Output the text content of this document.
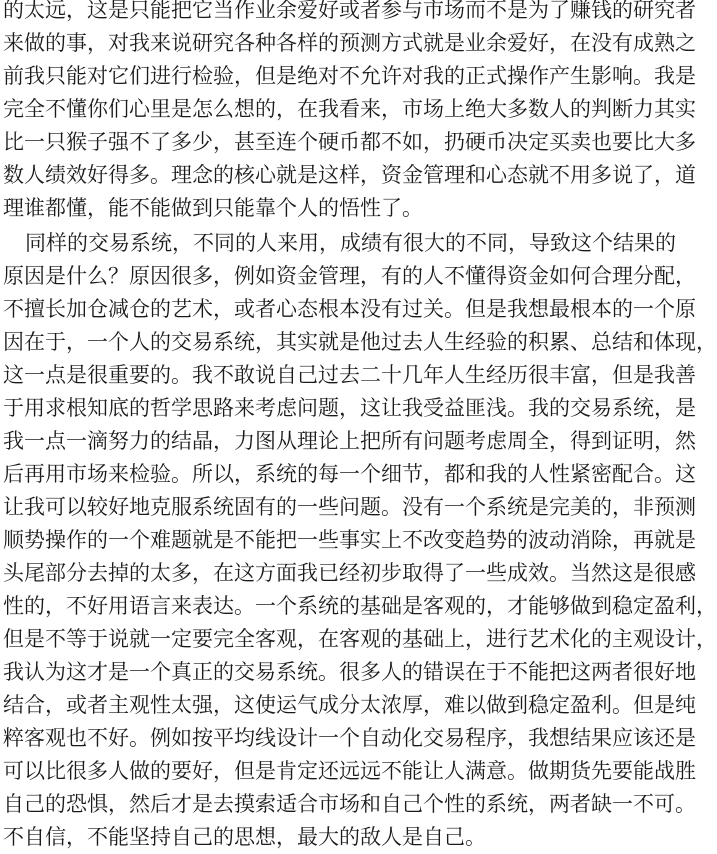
的太远，这是只能把它当作业余爱好或者参与市场而不是为了赚钱的研究者
来做的事，对我来说研究各种各样的预测方式就是业余爱好，在没有成熟之
前我只能对它们进行检验，但是绝对不允许对我的正式操作产生影响。我是
完全不懂你们心里是怎么想的，在我看来，市场上绝大多数人的判断力其实
比一只猴子强不了多少，甚至连个硬币都不如，扔硬币决定买卖也要比大多
数人绩效好得多。理念的核心就是这样，资金管理和心态就不用多说了，道
理谁都懂，能不能做到只能靠个人的悟性了。
同样的交易系统，不同的人来用，成绩有很大的不同，导致这个结果的
原因是什么？原因很多，例如资金管理，有的人不懂得资金如何合理分配，
不擅长加仓减仓的艺术，或者心态根本没有过关。但是我想最根本的一个原
因在于，一个人的交易系统，其实就是他过去人生经验的积累、总结和体现，
这一点是很重要的。我不敢说自己过去二十几年人生经历很丰富，但是我善
于用求根知底的哲学思路来考虑问题，这让我受益匪浅。我的交易系统，是
我一点一滴努力的结晶，力图从理论上把所有问题考虑周全，得到证明，然
后再用市场来检验。所以，系统的每一个细节，都和我的人性紧密配合。这
让我可以较好地克服系统固有的一些问题。没有一个系统是完美的，非预测
顺势操作的一个难题就是不能把一些事实上不改变趋势的波动消除，再就是
头尾部分去掉的太多，在这方面我已经初步取得了一些成效。当然这是很感
性的，不好用语言来表达。一个系统的基础是客观的，才能够做到稳定盈利，
但是不等于说就一定要完全客观，在客观的基础上，进行艺术化的主观设计，
我认为这才是一个真正的交易系统。很多人的错误在于不能把这两者很好地
结合，或者主观性太强，这使运气成分太浓厚，难以做到稳定盈利。但是纯
粹客观也不好。例如按平均线设计一个自动化交易程序，我想结果应该还是
可以比很多人做的要好，但是肯定还远远不能让人满意。做期货先要能战胜
自己的恐惧，然后才是去摸索适合市场和自己个性的系统，两者缺一不可。
不自信，不能坚持自己的思想，最大的敌人是自己。
